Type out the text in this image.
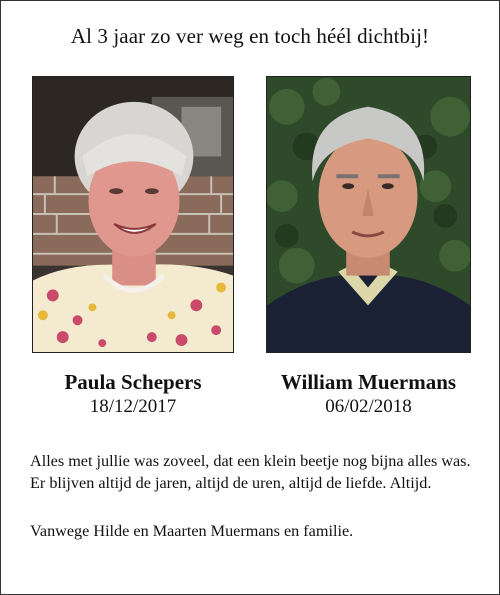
Al 3 jaar zo ver weg en toch héél dichtbij!
Paula Schepers
18/12/2017
William Muermans
06/02/2018

Alles met jullie was zoveel, dat een klein beetje nog bijna alles was.

Er blijven altijd de jaren, altijd de uren, altijd de liefde. Altijd.

Vanwege Hilde en Maarten Muermans en familie.
